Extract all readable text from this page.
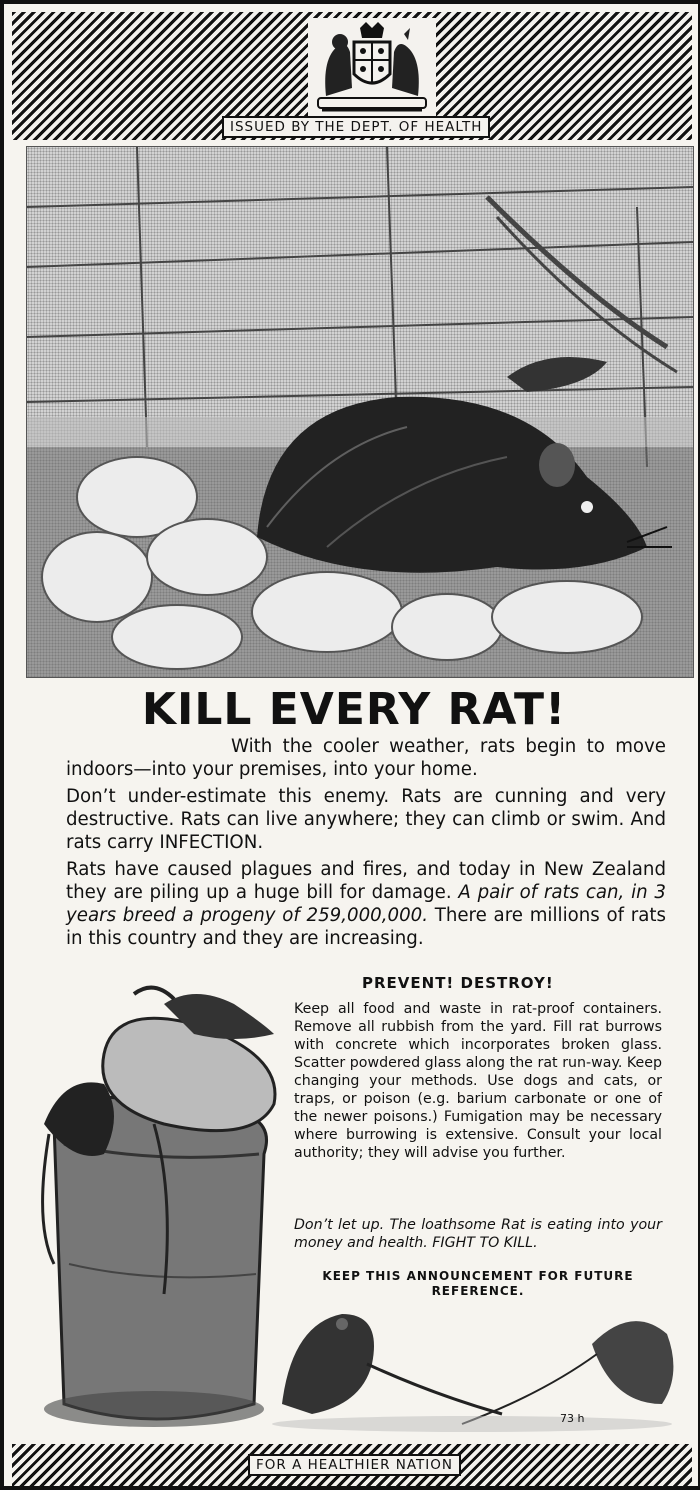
ISSUED BY THE DEPT. OF HEALTH
KILL EVERY RAT!

With the cooler weather, rats begin to move indoors—into your premises, into your home.

Don’t under-estimate this enemy. Rats are cunning and very destructive. Rats can live anywhere; they can climb or swim. And rats carry INFECTION.

Rats have caused plagues and fires, and today in New Zealand they are piling up a huge bill for damage. A pair of rats can, in 3 years breed a progeny of 259,000,000. There are millions of rats in this country and they are increasing.

PREVENT! DESTROY!

Keep all food and waste in rat-proof containers. Remove all rubbish from the yard. Fill rat burrows with concrete which incorporates broken glass. Scatter powdered glass along the rat run-way. Keep changing your methods. Use dogs and cats, or traps, or poison (e.g. barium carbonate or one of the newer poisons.) Fumigation may be necessary where burrowing is extensive. Consult your local authority; they will advise you further.

Don’t let up. The loathsome Rat is eating into your money and health. FIGHT TO KILL.

KEEP THIS ANNOUNCEMENT FOR FUTURE REFERENCE.

73 h

FOR A HEALTHIER NATION
